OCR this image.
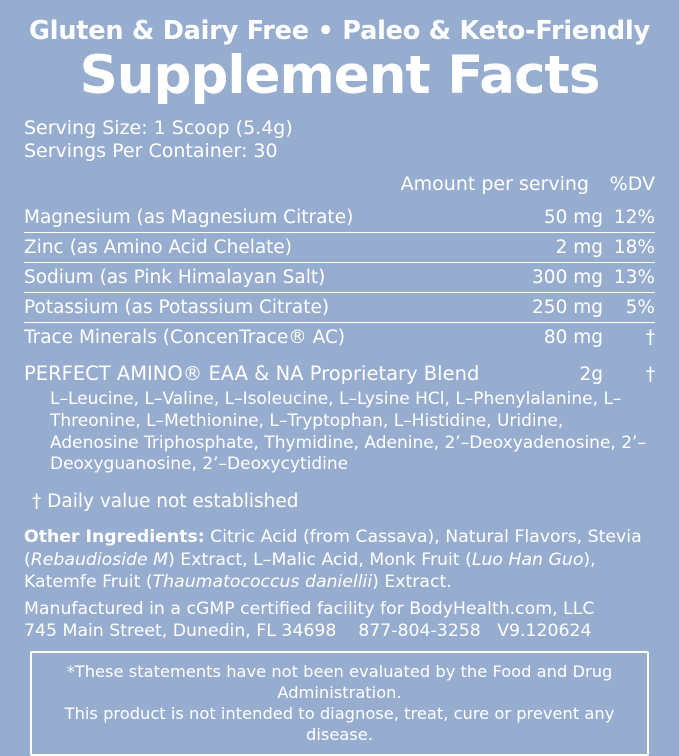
Gluten & Dairy Free • Paleo & Keto-Friendly
Supplement Facts
Serving Size: 1 Scoop (5.4g)
Servings Per Container: 30
Amount per serving	%DV
Magnesium (as Magnesium Citrate)	50 mg	12%
Zinc (as Amino Acid Chelate)	2 mg	18%
Sodium (as Pink Himalayan Salt)	300 mg	13%
Potassium (as Potassium Citrate)	250 mg	5%
Trace Minerals (ConcenTrace® AC)	80 mg	†
PERFECT AMINO® EAA & NA Proprietary Blend	2g	†
L–Leucine, L–Valine, L–Isoleucine, L–Lysine HCl, L–Phenylalanine, L–Threonine, L–Methionine, L–Tryptophan, L–Histidine, Uridine, Adenosine Triphosphate, Thymidine, Adenine, 2’–Deoxyadenosine, 2’–Deoxyguanosine, 2’–Deoxycytidine
† Daily value not established
Other Ingredients: Citric Acid (from Cassava), Natural Flavors, Stevia (Rebaudioside M) Extract, L–Malic Acid, Monk Fruit (Luo Han Guo), Katemfe Fruit (Thaumatococcus daniellii) Extract.
Manufactured in a cGMP certified facility for BodyHealth.com, LLC
745 Main Street, Dunedin, FL 34698 877-804-3258 V9.120624
*These statements have not been evaluated by the Food and Drug Administration.
This product is not intended to diagnose, treat, cure or prevent any disease.
